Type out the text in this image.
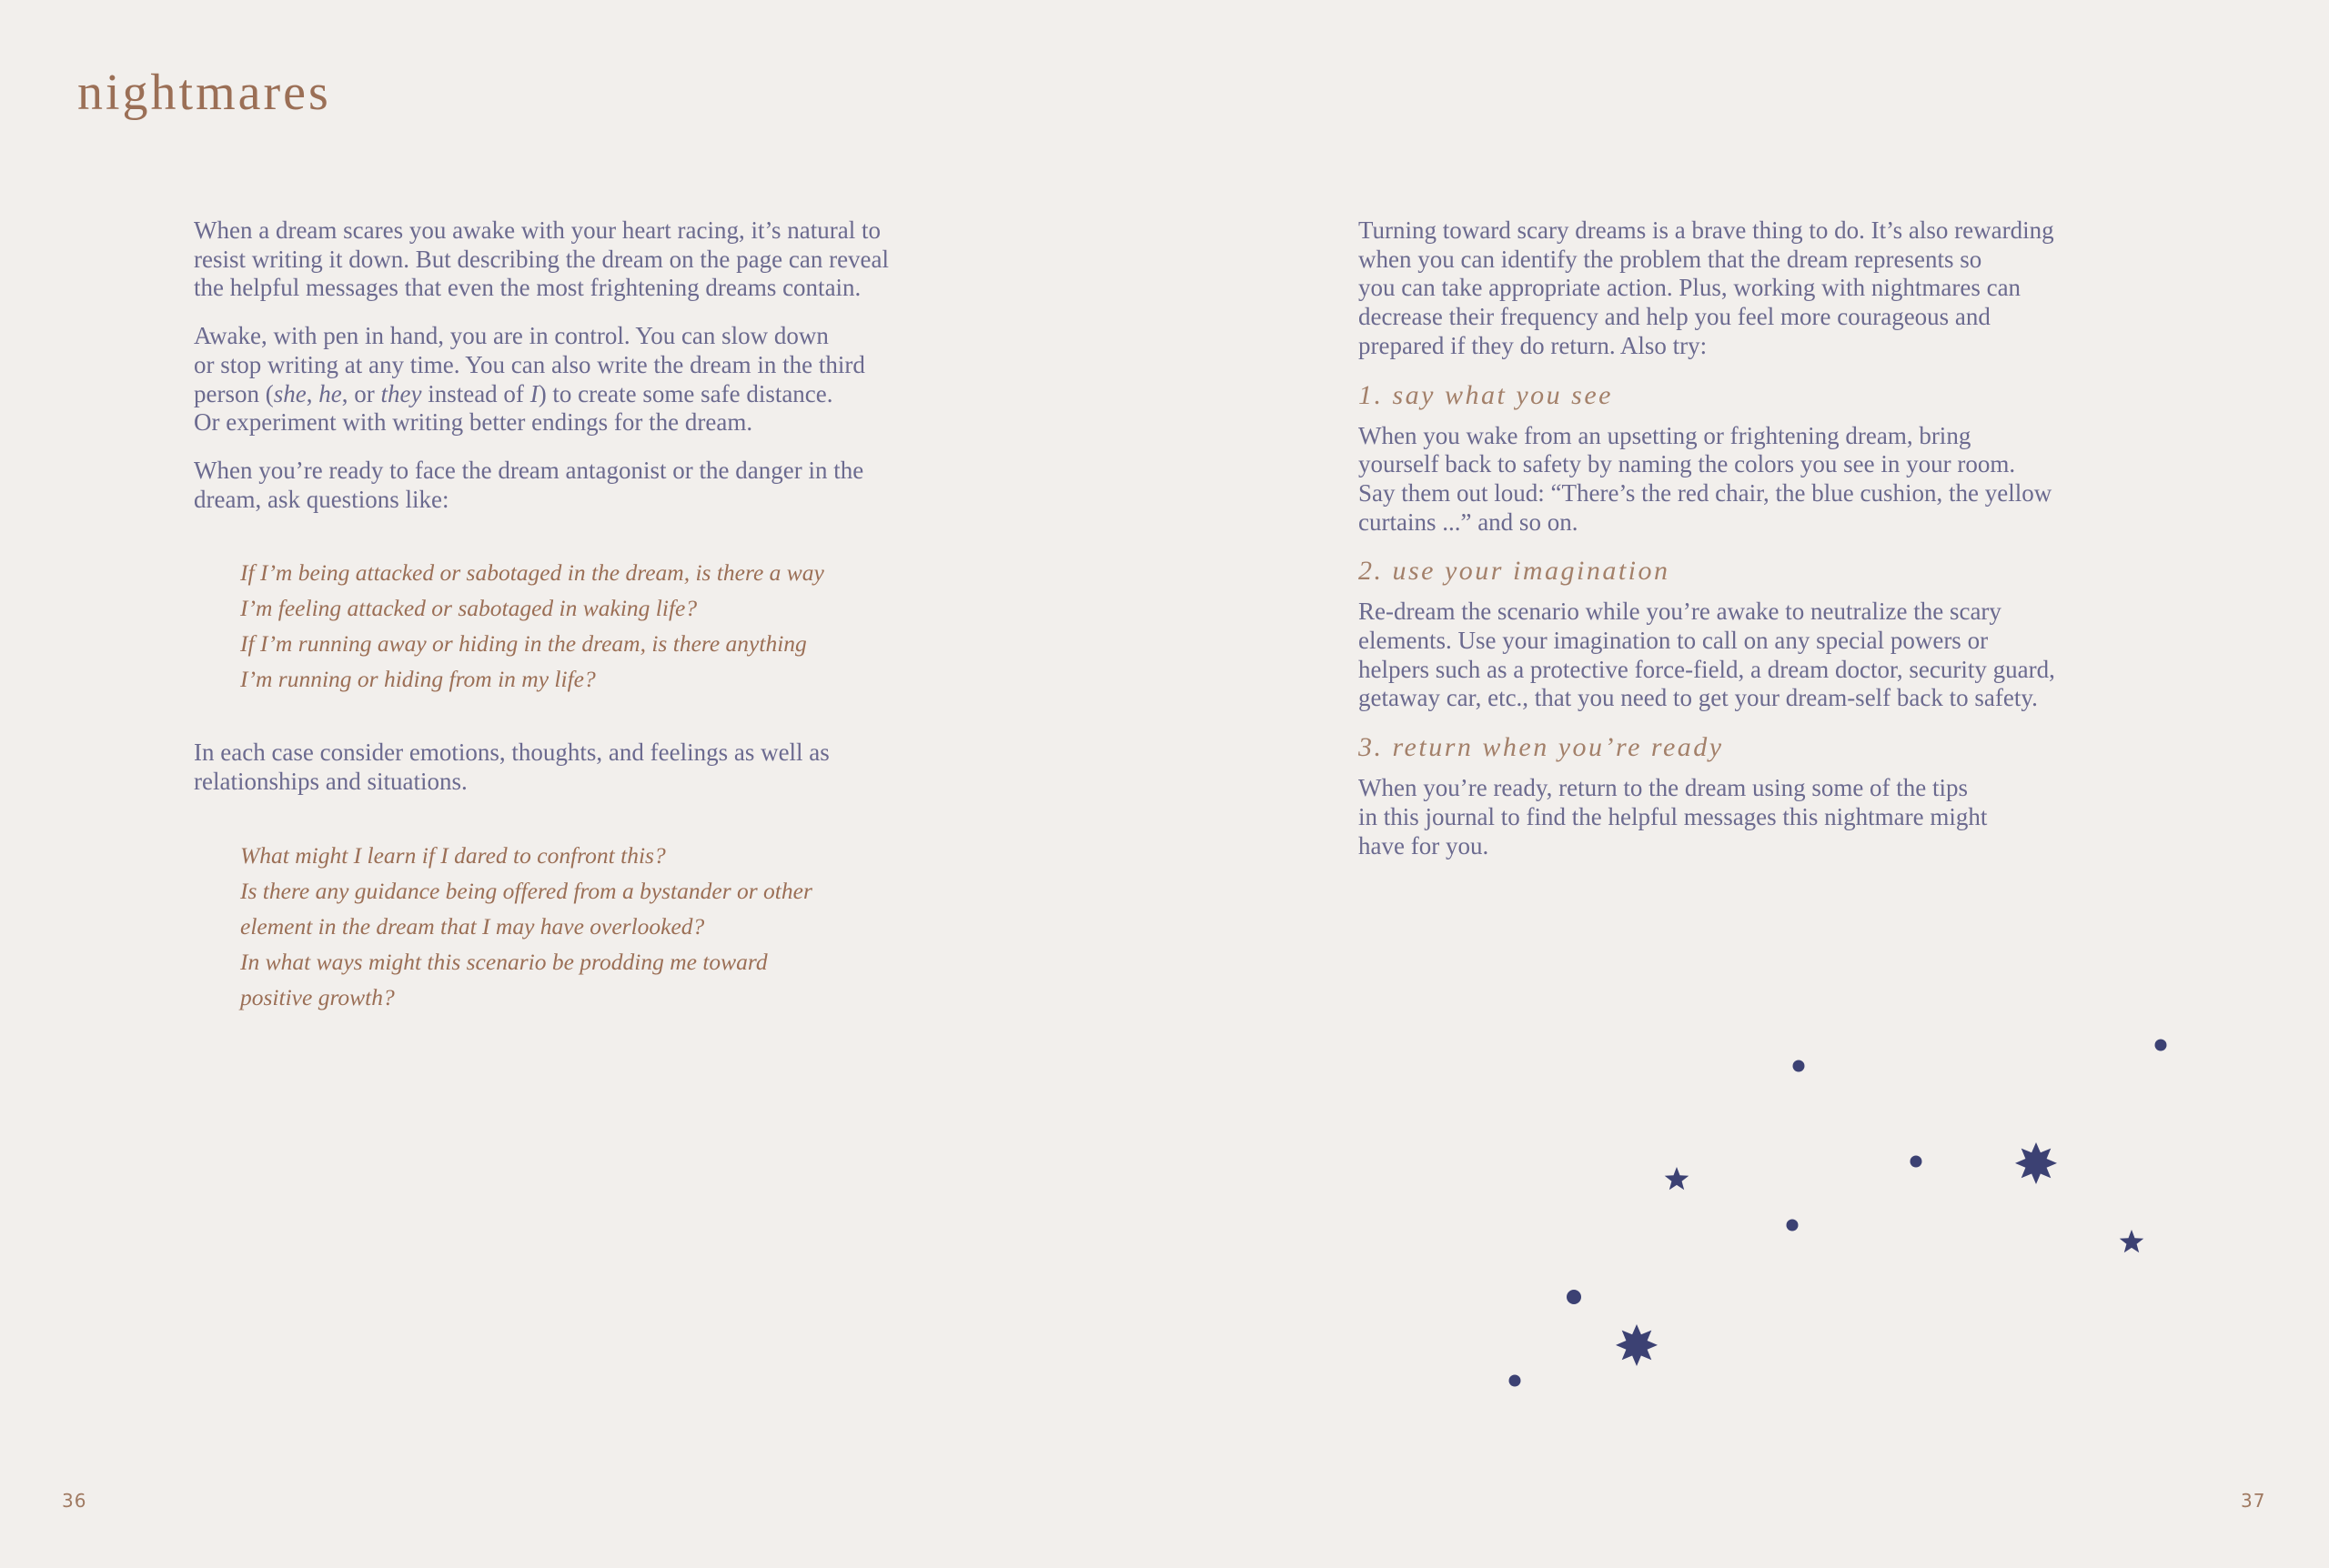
nightmares

When a dream scares you awake with your heart racing, it’s natural to
resist writing it down. But describing the dream on the page can reveal
the helpful messages that even the most frightening dreams contain.

Awake, with pen in hand, you are in control. You can slow down
or stop writing at any time. You can also write the dream in the third
person (she, he, or they instead of I) to create some safe distance.
Or experiment with writing better endings for the dream.

When you’re ready to face the dream antagonist or the danger in the
dream, ask questions like:

If I’m being attacked or sabotaged in the dream, is there a way
I’m feeling attacked or sabotaged in waking life?
If I’m running away or hiding in the dream, is there anything
I’m running or hiding from in my life?

In each case consider emotions, thoughts, and feelings as well as
relationships and situations.

What might I learn if I dared to confront this?
Is there any guidance being offered from a bystander or other
element in the dream that I may have overlooked?
In what ways might this scenario be prodding me toward
positive growth?

Turning toward scary dreams is a brave thing to do. It’s also rewarding
when you can identify the problem that the dream represents so
you can take appropriate action. Plus, working with nightmares can
decrease their frequency and help you feel more courageous and
prepared if they do return. Also try:

1. say what you see

When you wake from an upsetting or frightening dream, bring
yourself back to safety by naming the colors you see in your room.
Say them out loud: “There’s the red chair, the blue cushion, the yellow
curtains ...” and so on.

2. use your imagination

Re-dream the scenario while you’re awake to neutralize the scary
elements. Use your imagination to call on any special powers or
helpers such as a protective force-field, a dream doctor, security guard,
getaway car, etc., that you need to get your dream-self back to safety.

3. return when you’re ready

When you’re ready, return to the dream using some of the tips
in this journal to find the helpful messages this nightmare might
have for you.

36	37
